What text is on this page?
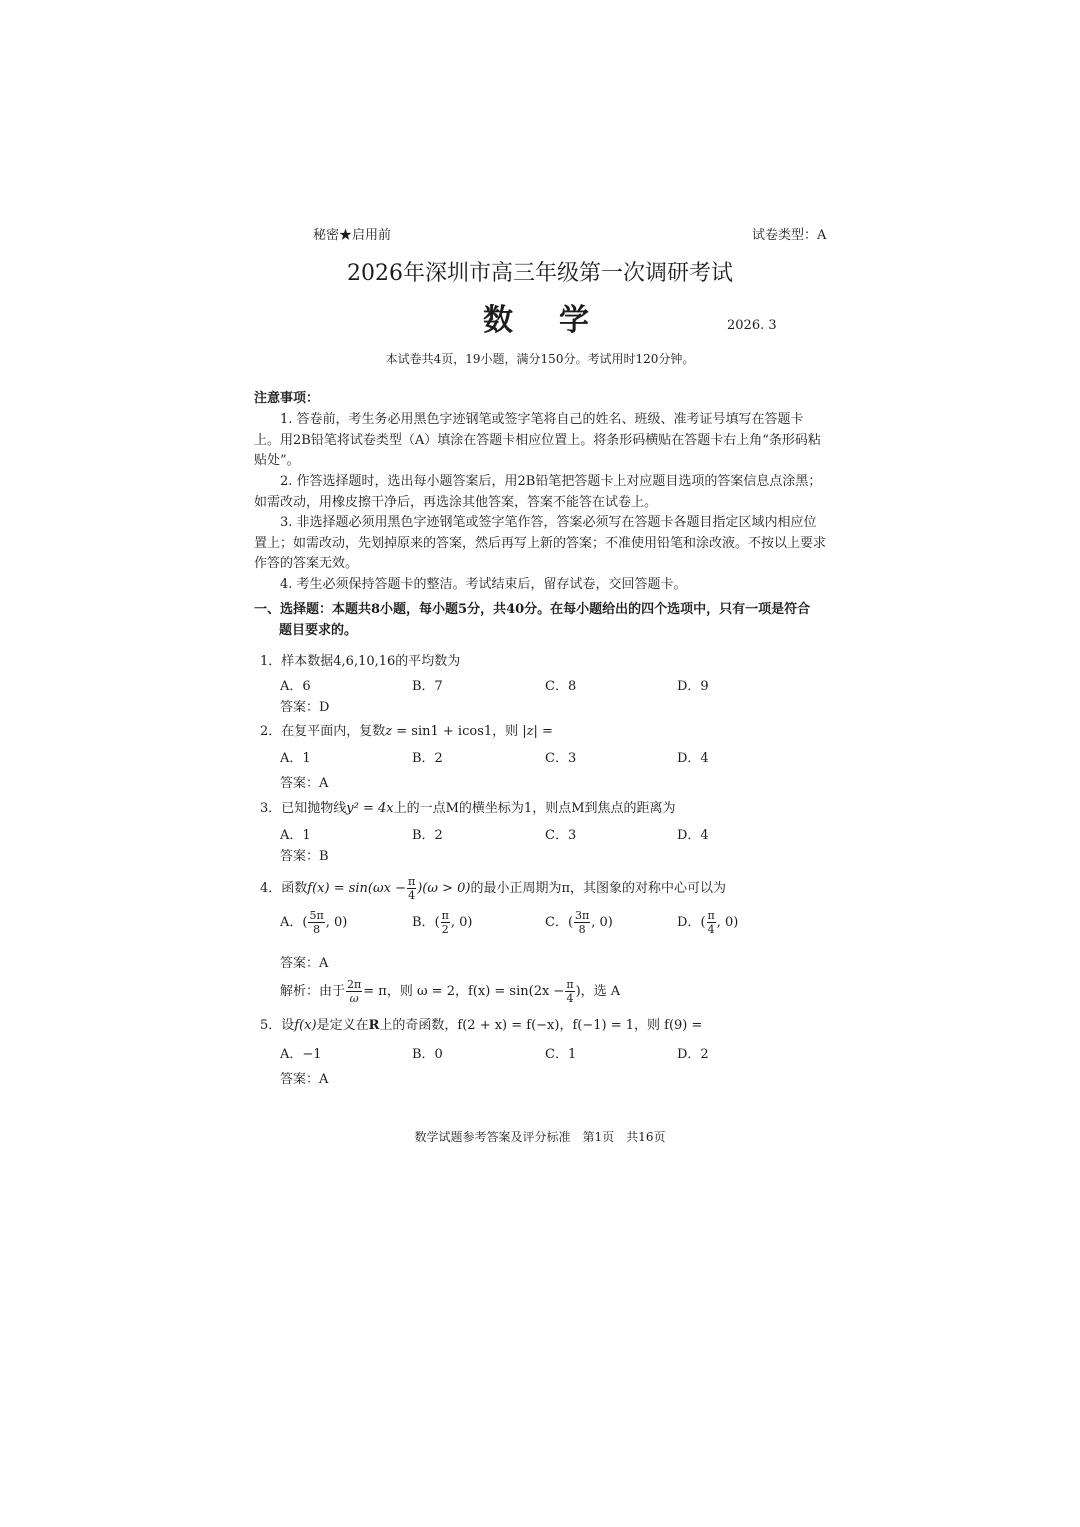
秘密★启用前	试卷类型：A
2026年深圳市高三年级第一次调研考试
数　学	2026. 3
本试卷共4页，19小题，满分150分。考试用时120分钟。
注意事项：
1. 答卷前，考生务必用黑色字迹钢笔或签字笔将自己的姓名、班级、准考证号填写在答题卡上。用2B铅笔将试卷类型（A）填涂在答题卡相应位置上。将条形码横贴在答题卡右上角“条形码粘贴处”。
2. 作答选择题时，选出每小题答案后，用2B铅笔把答题卡上对应题目选项的答案信息点涂黑；如需改动，用橡皮擦干净后，再选涂其他答案，答案不能答在试卷上。
3. 非选择题必须用黑色字迹钢笔或签字笔作答，答案必须写在答题卡各题目指定区域内相应位置上；如需改动，先划掉原来的答案，然后再写上新的答案；不准使用铅笔和涂改液。不按以上要求作答的答案无效。
4. 考生必须保持答题卡的整洁。考试结束后，留存试卷，交回答题卡。
一、选择题：本题共8小题，每小题5分，共40分。在每小题给出的四个选项中，只有一项是符合
题目要求的。
1．样本数据4,6,10,16的平均数为
A．6	B．7	C．8	D．9
答案：D
2．在复平面内，复数z = sin1 + icos1，则 |z| =
A．1	B．2	C．3	D．4
答案：A
3．已知抛物线y² = 4x上的一点M的横坐标为1，则点M到焦点的距离为
A．1	B．2	C．3	D．4
答案：B
4．函数$f(x) = \sin(\omega x - \frac{\pi}{4} )(\omega > 0)$的最小正周期为π，其图象的对称中心可以为
A．( $\frac{5\pi}{8}$ , 0)	B．( $\frac{\pi}{2}$ , 0)	C．( $\frac{3\pi}{8}$ , 0)	D．( $\frac{\pi}{4}$ , 0)
答案：A
解析：由于 $\frac{2\pi}{\omega} = \pi$，则 ω = 2，$f(x) = \sin(2x - \frac{\pi}{4}$ )，选 A
5．设f(x)是定义在R上的奇函数，f(2 + x) = f(−x)，f(−1) = 1，则 f(9) =
A．−1	B．0	C．1	D．2
答案：A
数学试题参考答案及评分标准　第1页　共16页
